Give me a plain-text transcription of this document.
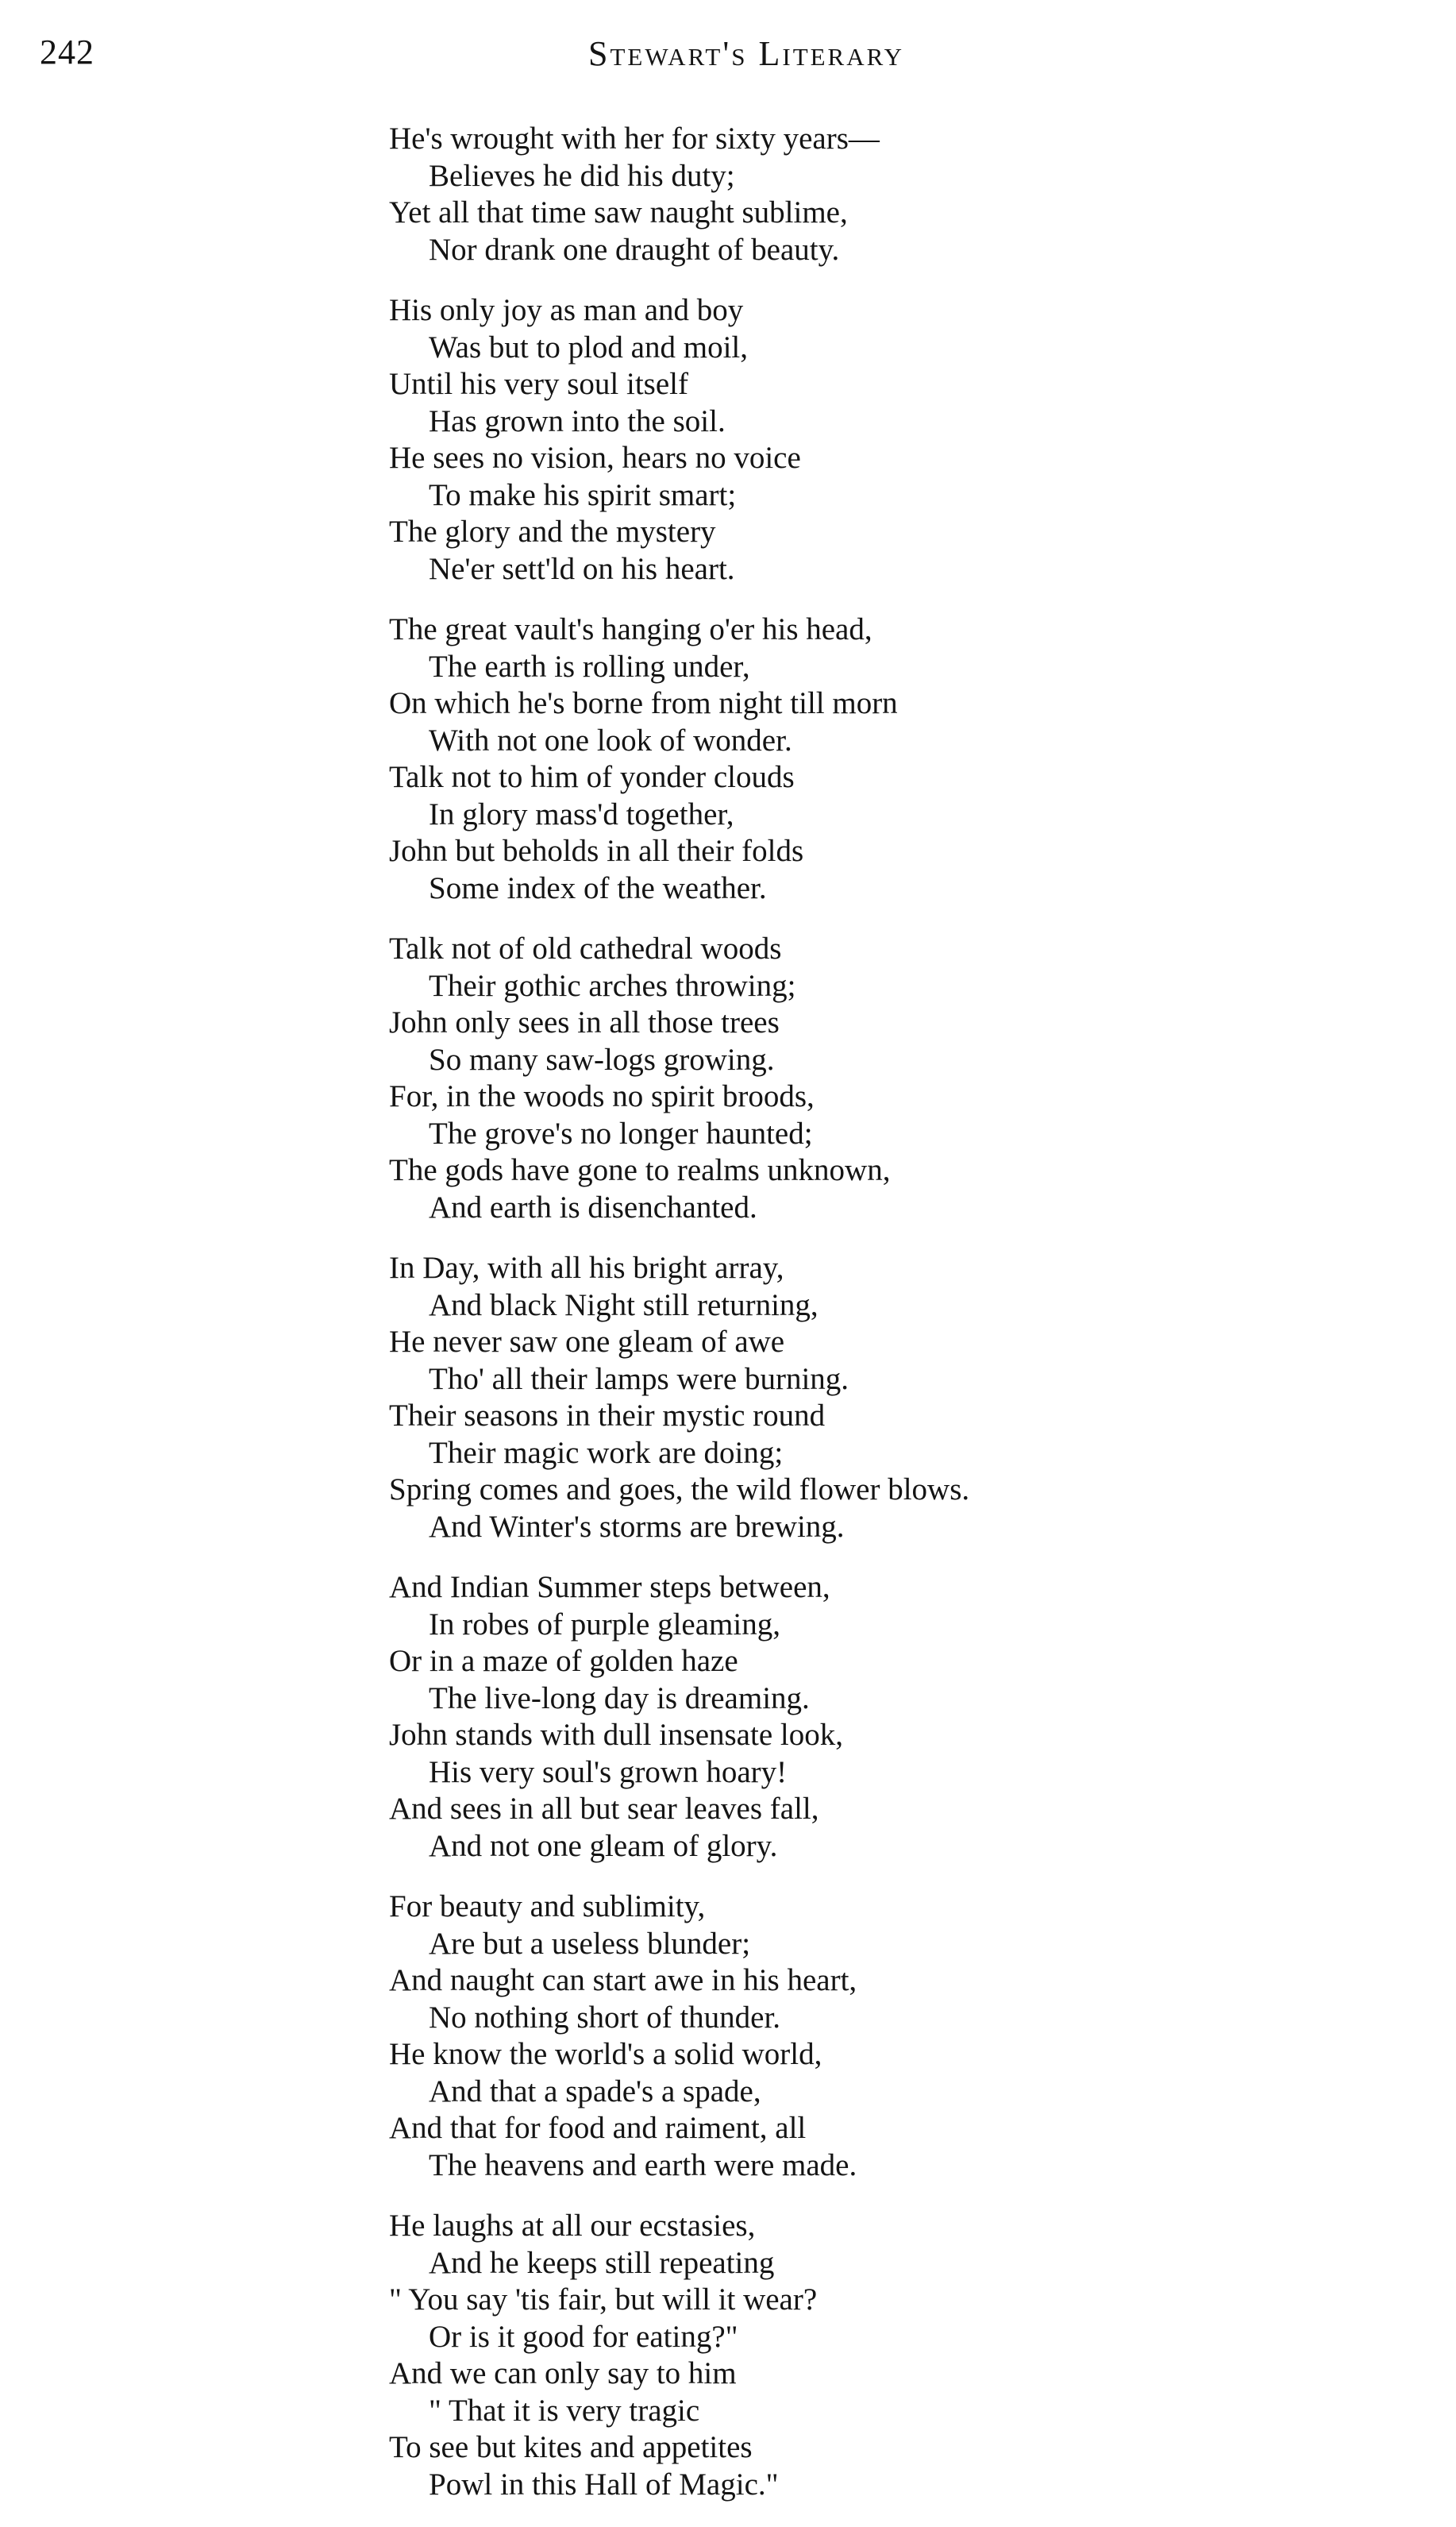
242	Stewart's Literary
He's wrought with her for sixty years—
Believes he did his duty;
Yet all that time saw naught sublime,
Nor drank one draught of beauty.
His only joy as man and boy
Was but to plod and moil,
Until his very soul itself
Has grown into the soil.
He sees no vision, hears no voice
To make his spirit smart;
The glory and the mystery
Ne'er sett'ld on his heart.
The great vault's hanging o'er his head,
The earth is rolling under,
On which he's borne from night till morn
With not one look of wonder.
Talk not to him of yonder clouds
In glory mass'd together,
John but beholds in all their folds
Some index of the weather.
Talk not of old cathedral woods
Their gothic arches throwing;
John only sees in all those trees
So many saw-logs growing.
For, in the woods no spirit broods,
The grove's no longer haunted;
The gods have gone to realms unknown,
And earth is disenchanted.
In Day, with all his bright array,
And black Night still returning,
He never saw one gleam of awe
Tho' all their lamps were burning.
Their seasons in their mystic round
Their magic work are doing;
Spring comes and goes, the wild flower blows.
And Winter's storms are brewing.
And Indian Summer steps between,
In robes of purple gleaming,
Or in a maze of golden haze
The live-long day is dreaming.
John stands with dull insensate look,
His very soul's grown hoary!
And sees in all but sear leaves fall,
And not one gleam of glory.
For beauty and sublimity,
Are but a useless blunder;
And naught can start awe in his heart,
No nothing short of thunder.
He know the world's a solid world,
And that a spade's a spade,
And that for food and raiment, all
The heavens and earth were made.
He laughs at all our ecstasies,
And he keeps still repeating
" You say 'tis fair, but will it wear?
Or is it good for eating?"
And we can only say to him
" That it is very tragic
To see but kites and appetites
Powl in this Hall of Magic."
